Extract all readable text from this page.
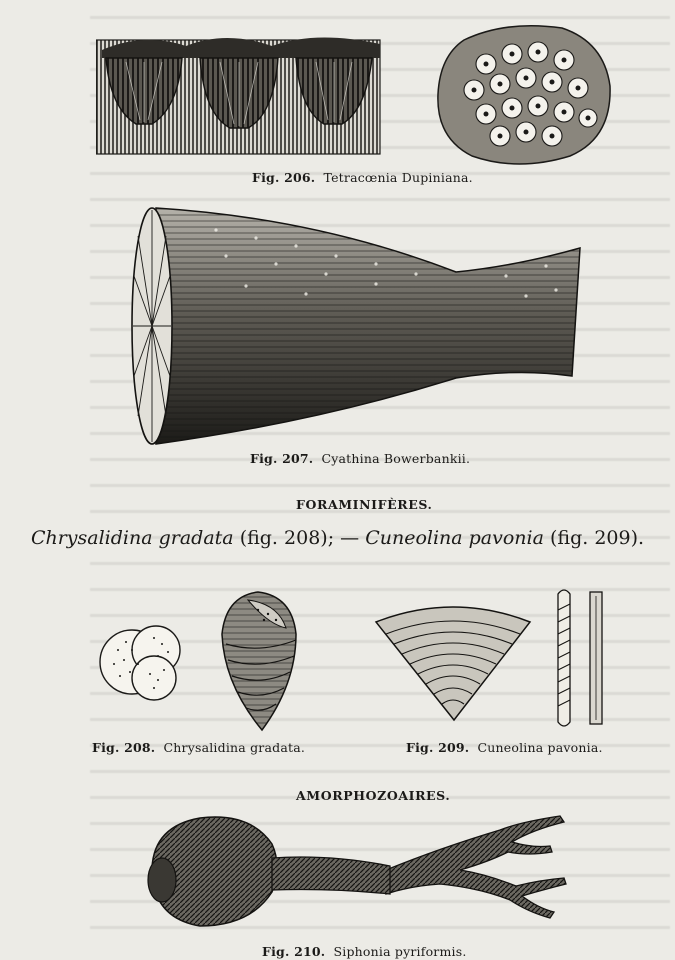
Fig. 206. Tetracœnia Dupiniana.
Fig. 207. Cyathina Bowerbankii.
FORAMINIFÈRES.
Chrysalidina gradata (fig. 208); — Cuneolina pavonia (fig. 209).
Fig. 208. Chrysalidina gradata.	Fig. 209. Cuneolina pavonia.
AMORPHOZOAIRES.
Fig. 210. Siphonia pyriformis.
